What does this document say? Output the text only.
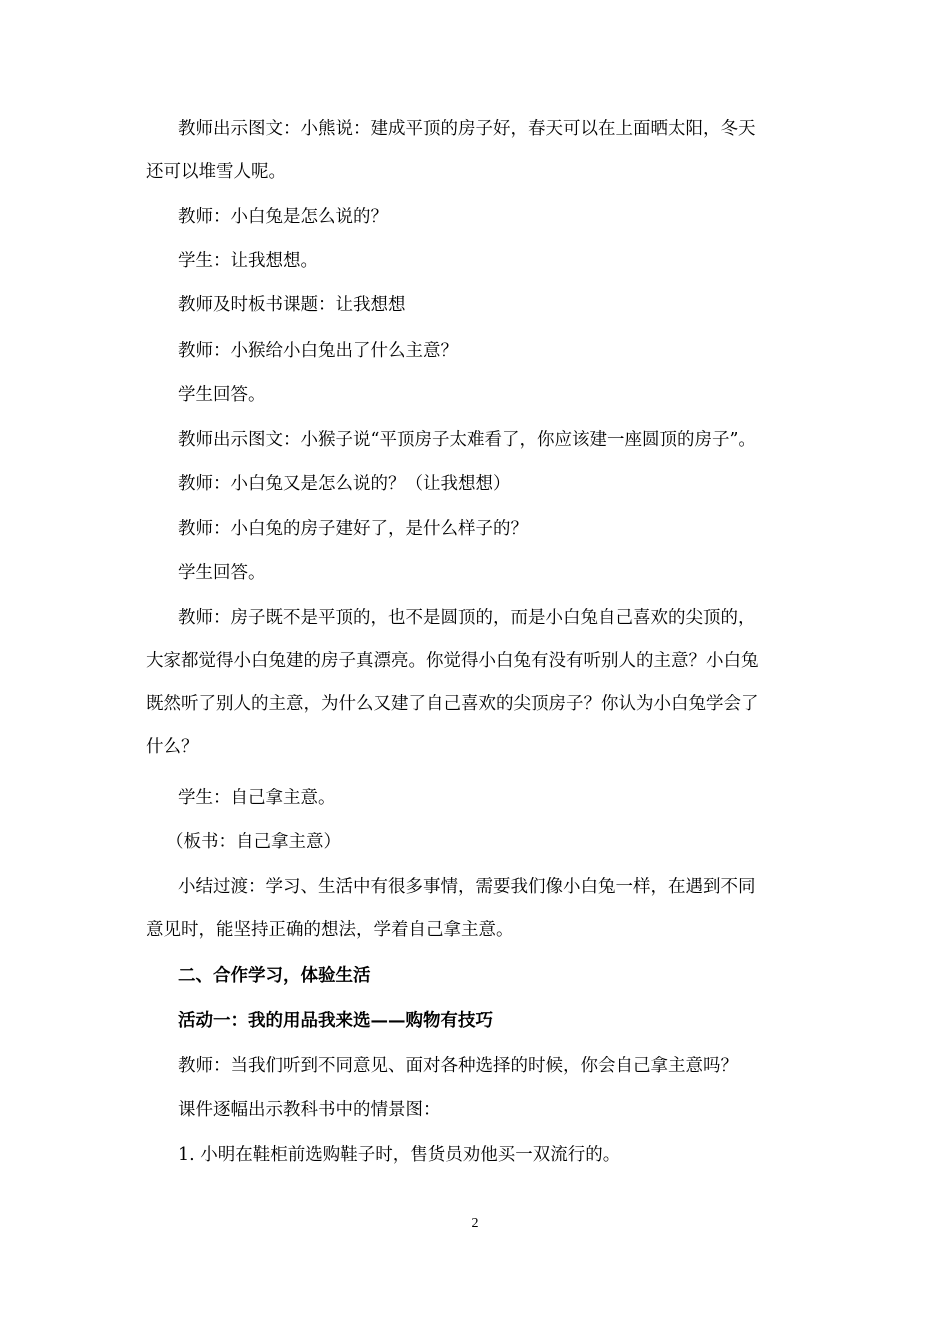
教师出示图文：小熊说：建成平顶的房子好，春天可以在上面晒太阳，冬天
还可以堆雪人呢。
教师：小白兔是怎么说的？
学生：让我想想。
教师及时板书课题：让我想想
教师：小猴给小白兔出了什么主意？
学生回答。
教师出示图文：小猴子说“平顶房子太难看了，你应该建一座圆顶的房子”。
教师：小白兔又是怎么说的？（让我想想）
教师：小白兔的房子建好了，是什么样子的？
学生回答。
教师：房子既不是平顶的，也不是圆顶的，而是小白兔自己喜欢的尖顶的，
大家都觉得小白兔建的房子真漂亮。你觉得小白兔有没有听别人的主意？小白兔
既然听了别人的主意，为什么又建了自己喜欢的尖顶房子？你认为小白兔学会了
什么？
学生：自己拿主意。
（板书：自己拿主意）
小结过渡：学习、生活中有很多事情，需要我们像小白兔一样，在遇到不同
意见时，能坚持正确的想法，学着自己拿主意。
二、合作学习，体验生活
活动一：我的用品我来选——购物有技巧
教师：当我们听到不同意见、面对各种选择的时候，你会自己拿主意吗？
课件逐幅出示教科书中的情景图：
1. 小明在鞋柜前选购鞋子时，售货员劝他买一双流行的。
2
